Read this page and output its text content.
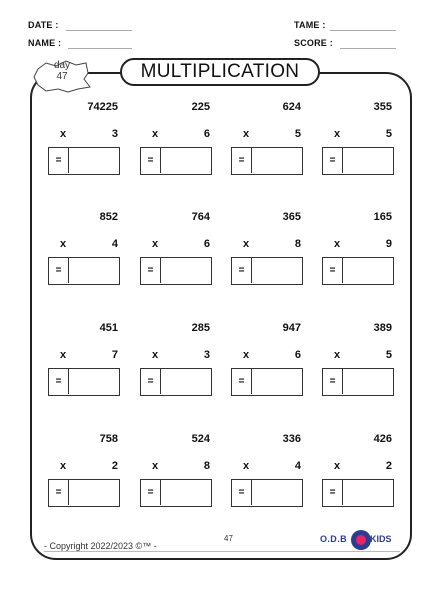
DATE :
NAME :
TAME :
SCORE :
day
47	MULTIPLICATION
74225
x	3
=
225
x	6
=
624
x	5
=
355
x	5
=
852
x	4
=
764
x	6
=
365
x	8
=
165
x	9
=
451
x	7
=
285
x	3
=
947
x	6
=
389
x	5
=
758
x	2
=
524
x	8
=
336
x	4
=
426
x	2
=
- Copyright 2022/2023 ©™ -
47	O.D.B	KIDS
